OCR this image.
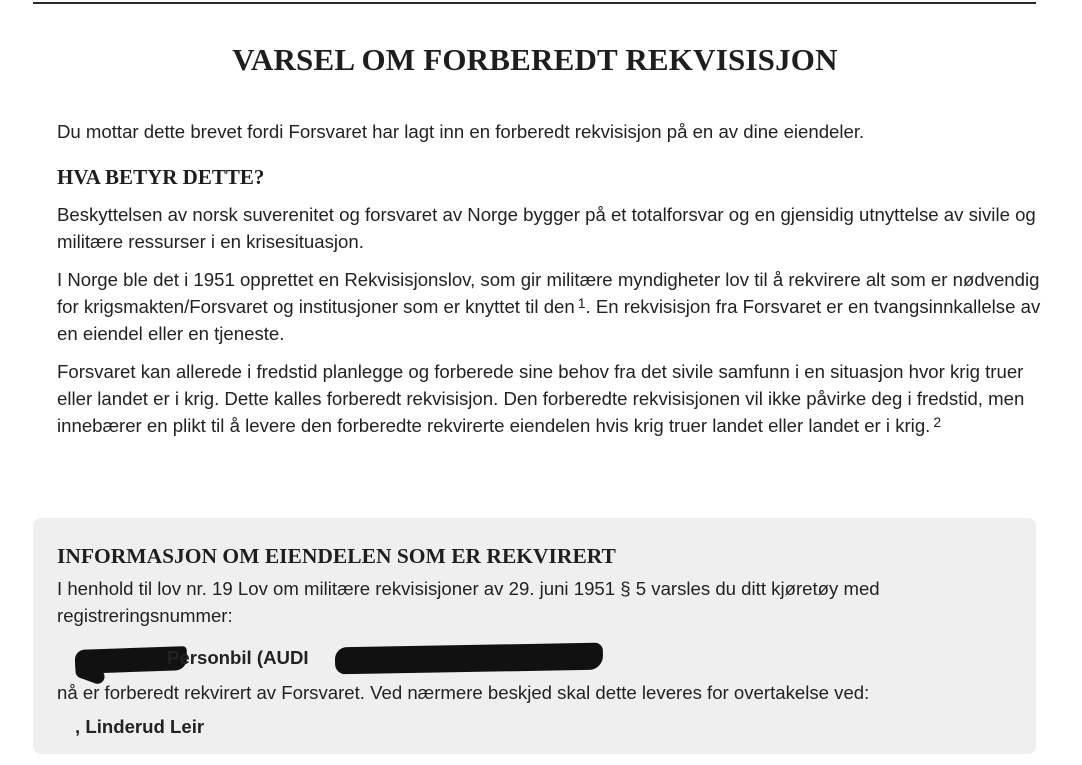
VARSEL OM FORBEREDT REKVISISJON

Du mottar dette brevet fordi Forsvaret har lagt inn en forberedt rekvisisjon på en av dine eiendeler.

HVA BETYR DETTE?

Beskyttelsen av norsk suverenitet og forsvaret av Norge bygger på et totalforsvar og en gjensidig utnyttelse av sivile og militære ressurser i en krisesituasjon.

I Norge ble det i 1951 opprettet en Rekvisisjonslov, som gir militære myndigheter lov til å rekvirere alt som er nødvendig for krigsmakten/Forsvaret og institusjoner som er knyttet til den $^1$. En rekvisisjon fra Forsvaret er en tvangsinnkallelse av en eiendel eller en tjeneste.

Forsvaret kan allerede i fredstid planlegge og forberede sine behov fra det sivile samfunn i en situasjon hvor krig truer eller landet er i krig. Dette kalles forberedt rekvisisjon. Den forberedte rekvisisjonen vil ikke påvirke deg i fredstid, men innebærer en plikt til å levere den forberedte rekvirerte eiendelen hvis krig truer landet eller landet er i krig. $^2$

INFORMASJON OM EIENDELEN SOM ER REKVIRERT

I henhold til lov nr. 19 Lov om militære rekvisisjoner av 29. juni 1951 § 5 varsles du ditt kjøretøy med registreringsnummer:

Personbil (AUDI

nå er forberedt rekvirert av Forsvaret. Ved nærmere beskjed skal dette leveres for overtakelse ved:

, Linderud Leir
